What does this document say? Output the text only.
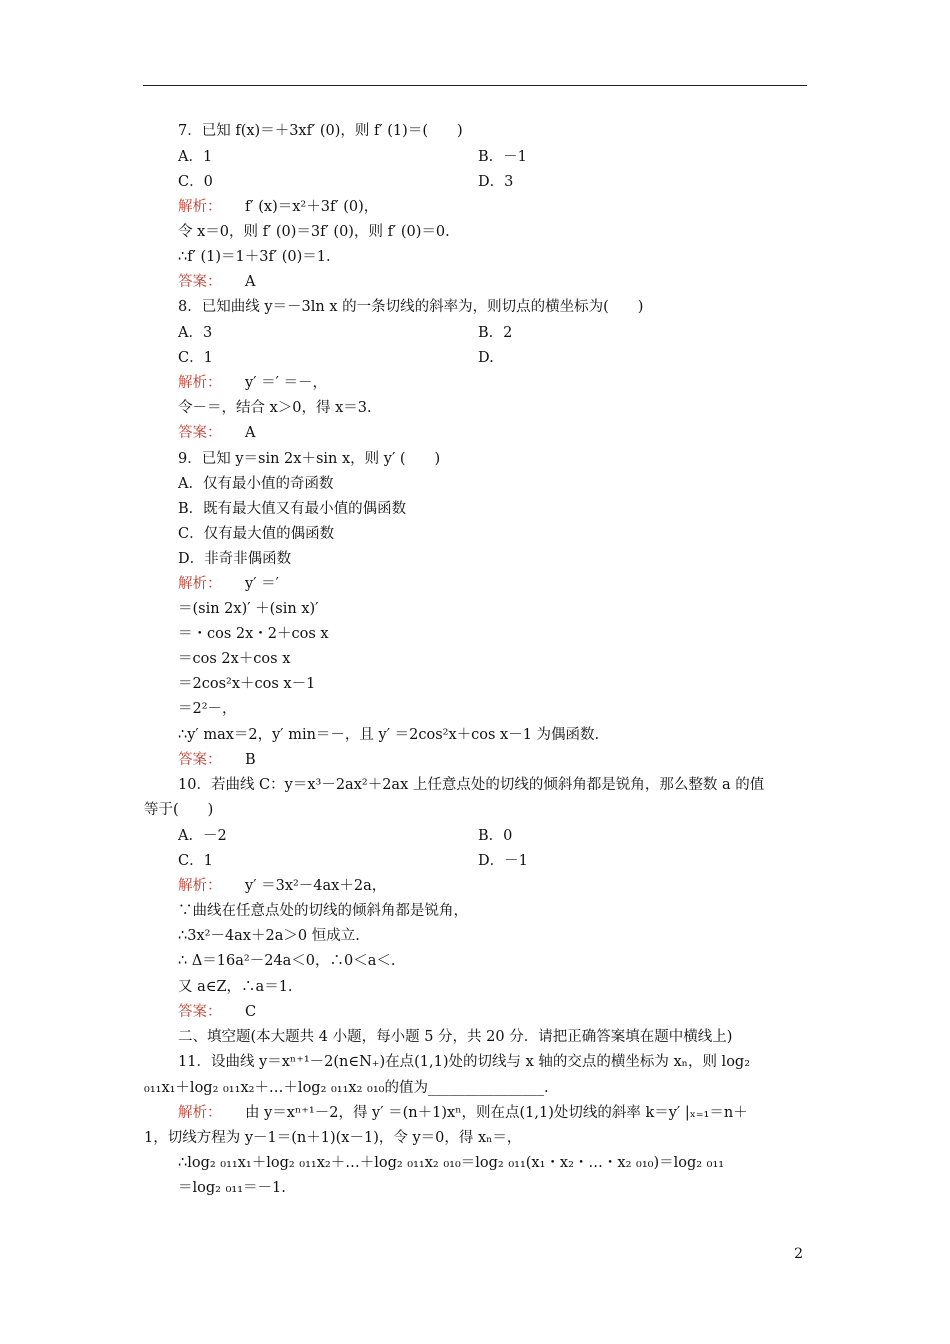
7．已知 f(x)＝＋3xf′ (0)，则 f′ (1)＝(　　)
A．1	B．－1
C．0	D．3
解析： f′ (x)＝x²＋3f′ (0)，
令 x＝0，则 f′ (0)＝3f′ (0)，则 f′ (0)＝0.
∴f′ (1)＝1＋3f′ (0)＝1.
答案： A
8．已知曲线 y＝－3ln x 的一条切线的斜率为，则切点的横坐标为(　　)
A．3	B．2
C．1	D.
解析： y′ ＝′ ＝－，
令－＝，结合 x＞0，得 x＝3.
答案： A
9．已知 y＝sin 2x＋sin x，则 y′ (　　)
A．仅有最小值的奇函数
B．既有最大值又有最小值的偶函数
C．仅有最大值的偶函数
D．非奇非偶函数
解析： y′ ＝′
＝(sin 2x)′ ＋(sin x)′
＝・cos 2x・2＋cos x
＝cos 2x＋cos x
＝2cos²x＋cos x－1
＝2²－，
∴y′ max＝2，y′ min＝－，且 y′ ＝2cos²x＋cos x－1 为偶函数.
答案： B
10．若曲线 C：y＝x³－2ax²＋2ax 上任意点处的切线的倾斜角都是锐角，那么整数 a 的值
等于(　　)
A．－2	B．0
C．1	D．－1
解析： y′ ＝3x²－4ax＋2a，
∵曲线在任意点处的切线的倾斜角都是锐角，
∴3x²－4ax＋2a＞0 恒成立.
∴ Δ＝16a²－24a＜0，∴0＜a＜.
又 a∈Z，∴a＝1.
答案： C
二、填空题(本大题共 4 小题，每小题 5 分，共 20 分．请把正确答案填在题中横线上)
11．设曲线 y＝xⁿ⁺¹－2(n∈N₊)在点(1,1)处的切线与 x 轴的交点的横坐标为 xₙ，则 log₂
₀₁₁x₁＋log₂ ₀₁₁x₂＋…＋log₂ ₀₁₁x₂ ₀₁₀的值为________________.
解析： 由 y＝xⁿ⁺¹－2，得 y′ ＝(n＋1)xⁿ，则在点(1,1)处切线的斜率 k＝y′ |ₓ₌₁＝n＋
1，切线方程为 y－1＝(n＋1)(x－1)，令 y＝0，得 xₙ＝，
∴log₂ ₀₁₁x₁＋log₂ ₀₁₁x₂＋…＋log₂ ₀₁₁x₂ ₀₁₀＝log₂ ₀₁₁(x₁・x₂・…・x₂ ₀₁₀)＝log₂ ₀₁₁
＝log₂ ₀₁₁＝－1.
2
